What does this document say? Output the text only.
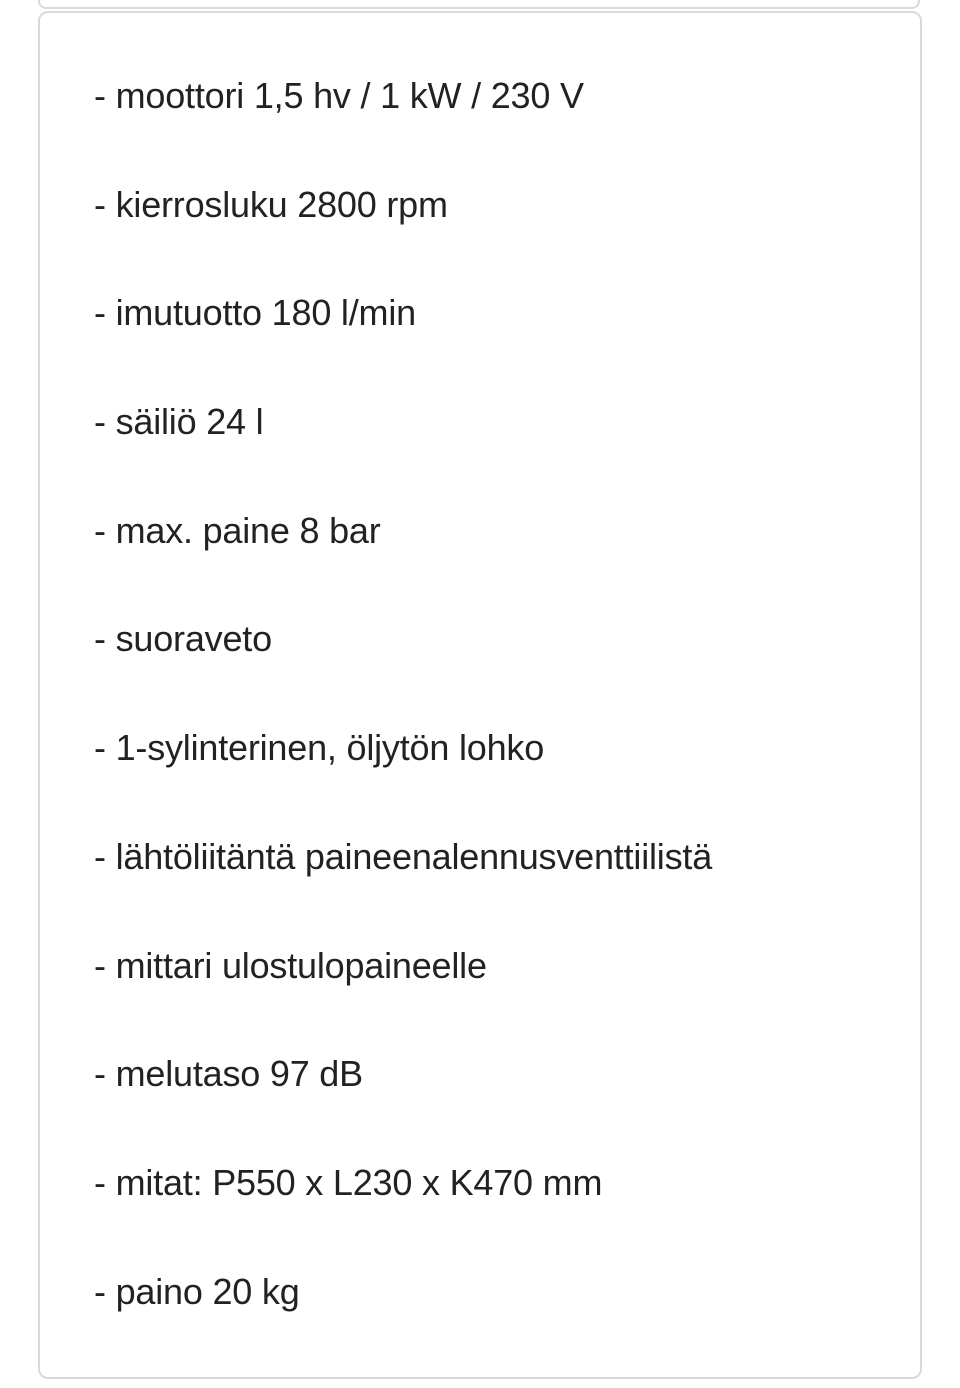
- moottori 1,5 hv / 1 kW / 230 V
- kierrosluku 2800 rpm
- imutuotto 180 l/min
- säiliö 24 l
- max. paine 8 bar
- suoraveto
- 1-sylinterinen, öljytön lohko
- lähtöliitäntä paineenalennusventtiilistä
- mittari ulostulopaineelle
- melutaso 97 dB
- mitat: P550 x L230 x K470 mm
- paino 20 kg
